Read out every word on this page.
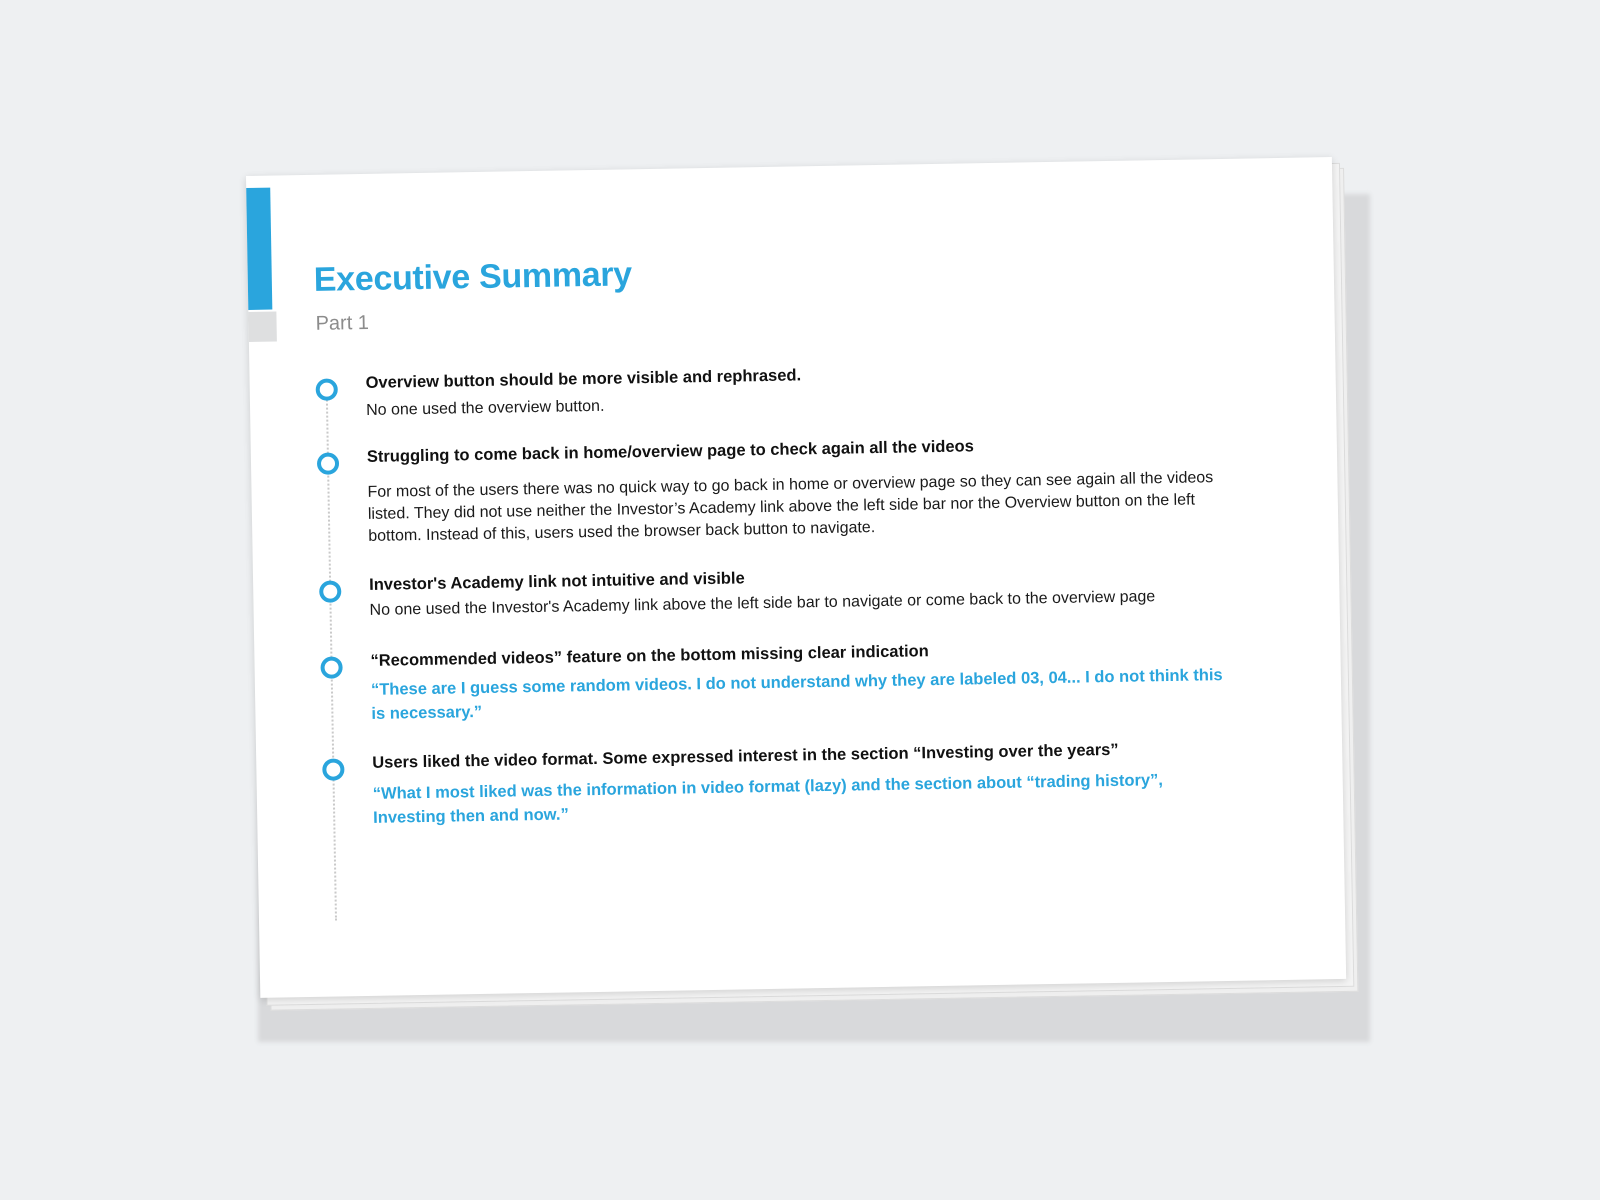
Executive Summary
Part 1
Overview button should be more visible and rephrased.
No one used the overview button.
Struggling to come back in home/overview page to check again all the videos
For most of the users there was no quick way to go back in home or overview page so they can see again all the videos listed. They did not use neither the Investor’s Academy link above the left side bar nor the Overview button on the left bottom. Instead of this, users used the browser back button to navigate.
Investor's Academy link not intuitive and visible
No one used the Investor's Academy link above the left side bar to navigate or come back to the overview page
“Recommended videos” feature on the bottom missing clear indication
“These are I guess some random videos. I do not understand why they are labeled 03, 04... I do not think this is necessary.”
Users liked the video format. Some expressed interest in the section “Investing over the years”
“What I most liked was the information in video format (lazy) and the section about “trading history”, Investing then and now.”
